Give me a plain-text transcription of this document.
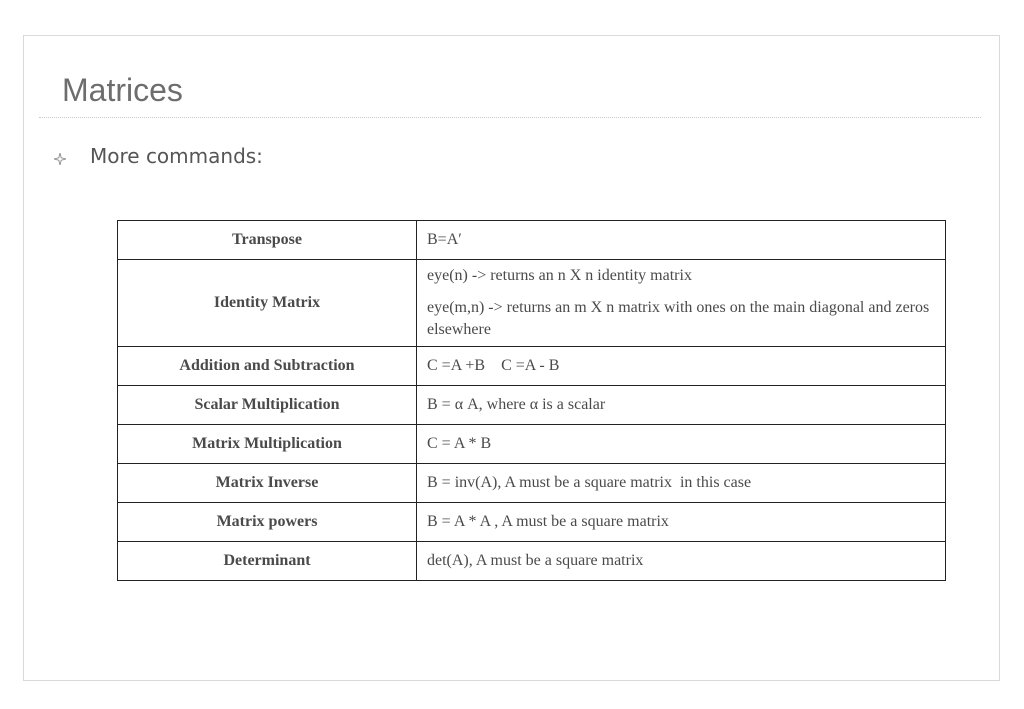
Matrices
More commands:
Transpose	B=A′

Identity Matrix	eye(n) -> returns an n X n identity matrix
eye(m,n) -> returns an m X n matrix with ones on the main diagonal and zeros elsewhere

Addition and Subtraction	C =A +B    C =A - B

Scalar Multiplication	B = α A, where α is a scalar

Matrix Multiplication	C = A * B

Matrix Inverse	B = inv(A), A must be a square matrix  in this case

Matrix powers	B = A * A , A must be a square matrix

Determinant	det(A), A must be a square matrix
